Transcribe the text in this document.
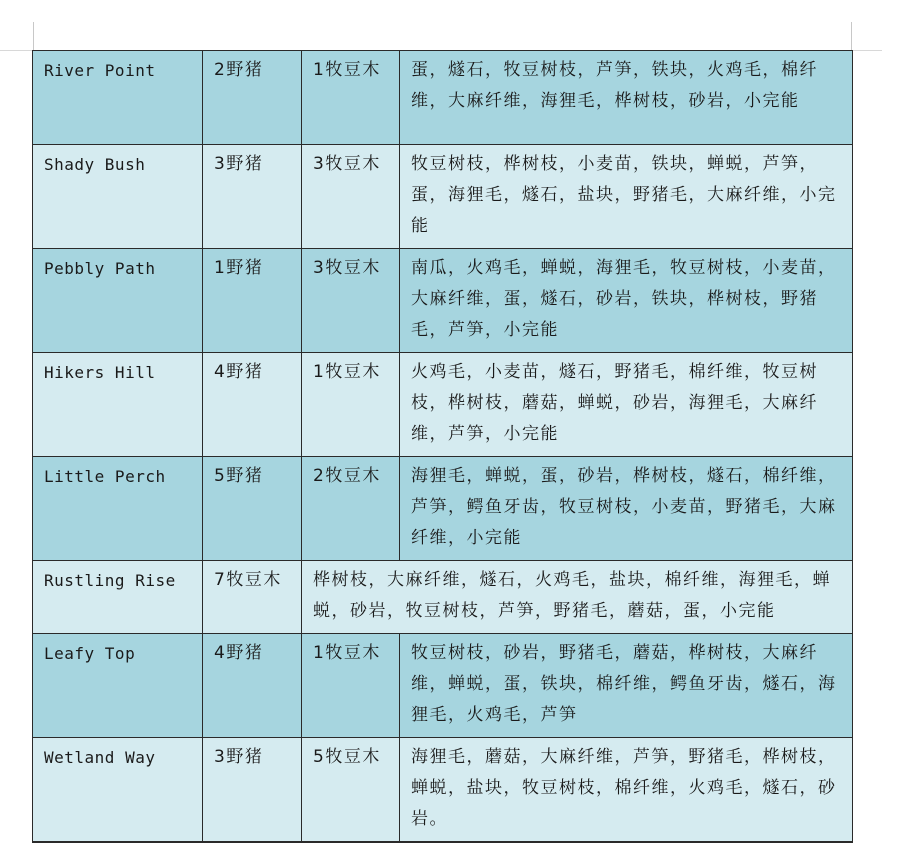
River Point	2野猪	1牧豆木	蛋，燧石，牧豆树枝，芦笋，铁块，火鸡毛，棉纤维，大麻纤维，海狸毛，桦树枝，砂岩，小完能
Shady Bush	3野猪	3牧豆木	牧豆树枝，桦树枝，小麦苗，铁块，蝉蜕，芦笋，蛋，海狸毛，燧石，盐块，野猪毛，大麻纤维，小完能
Pebbly Path	1野猪	3牧豆木	南瓜，火鸡毛，蝉蜕，海狸毛，牧豆树枝，小麦苗，大麻纤维，蛋，燧石，砂岩，铁块，桦树枝，野猪毛，芦笋，小完能
Hikers Hill	4野猪	1牧豆木	火鸡毛，小麦苗，燧石，野猪毛，棉纤维，牧豆树枝，桦树枝，蘑菇，蝉蜕，砂岩，海狸毛，大麻纤维，芦笋，小完能
Little Perch	5野猪	2牧豆木	海狸毛，蝉蜕，蛋，砂岩，桦树枝，燧石，棉纤维，芦笋，鳄鱼牙齿，牧豆树枝，小麦苗，野猪毛，大麻纤维，小完能
Rustling Rise	7牧豆木	桦树枝，大麻纤维，燧石，火鸡毛，盐块，棉纤维，海狸毛，蝉蜕，砂岩，牧豆树枝，芦笋，野猪毛，蘑菇，蛋，小完能	
Leafy Top	4野猪	1牧豆木	牧豆树枝，砂岩，野猪毛，蘑菇，桦树枝，大麻纤维，蝉蜕，蛋，铁块，棉纤维，鳄鱼牙齿，燧石，海狸毛，火鸡毛，芦笋
Wetland Way	3野猪	5牧豆木	海狸毛，蘑菇，大麻纤维，芦笋，野猪毛，桦树枝，蝉蜕，盐块，牧豆树枝，棉纤维，火鸡毛，燧石，砂岩。
